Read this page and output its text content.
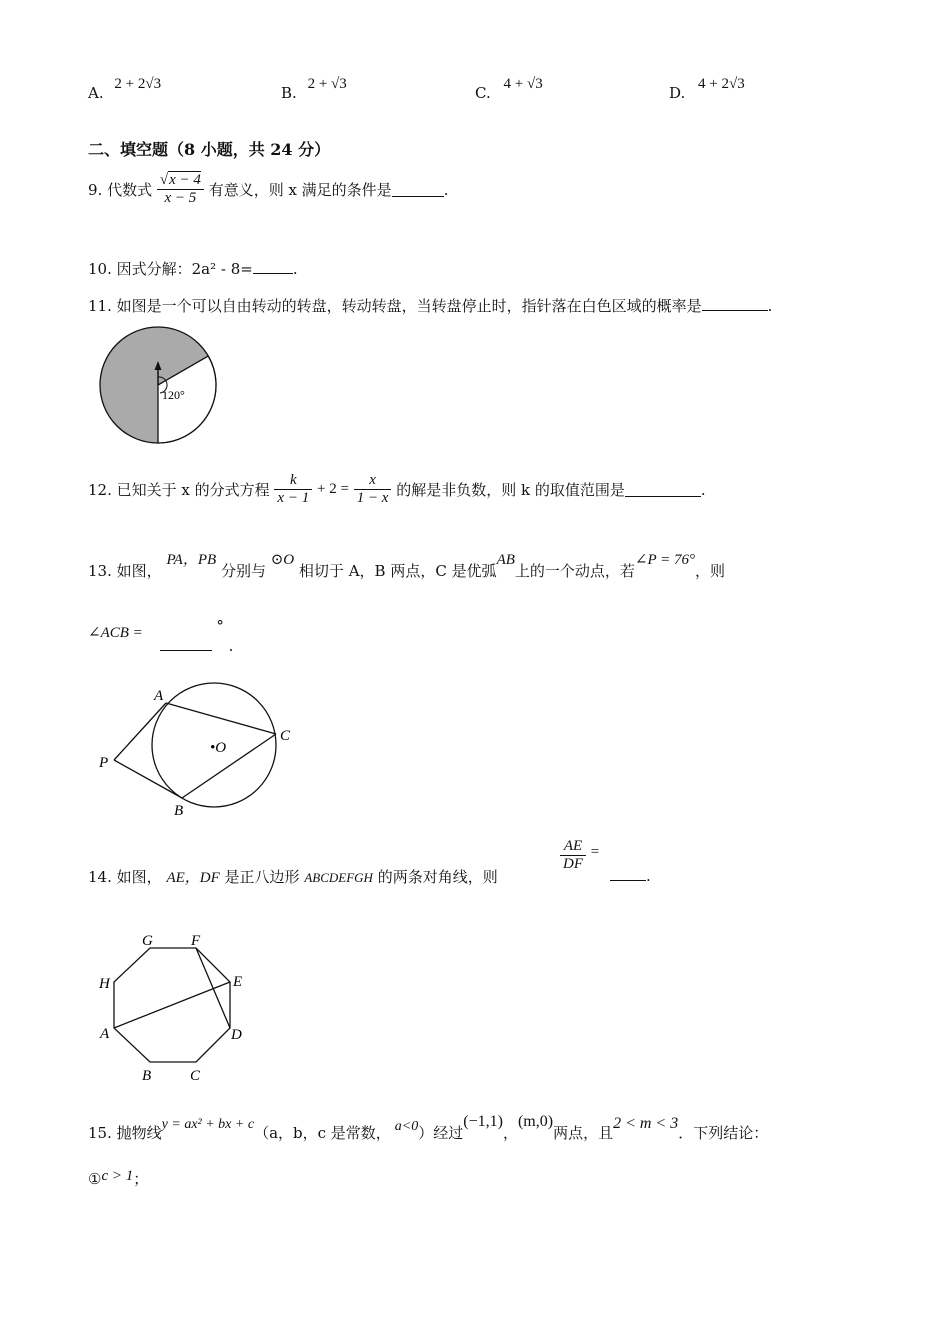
A. 2 + 2√3	B. 2 + √3	C. 4 + √3	D. 4 + 2√3
二、填空题（8 小题，共 24 分）
9. 代数式 $\frac{√x - 4}{x - 5}$ 有意义，则 x 满足的条件是	.
10. 因式分解：2a² - 8=	.
11. 如图是一个可以自由转动的转盘，转动转盘，当转盘停止时，指针落在白色区域的概率是	.
120°
12. 已知关于 x 的分式方程 $\frac{k}{x - 1} + 2 = \frac{x}{1 - x}$ 的解是非负数，则 k 的取值范围是	.
13. 如图， PA，PB 分别与 ⊙O 相切于 A，B 两点，C 是优弧AB上的一个动点，若∠P = 76°，则
∠ACB =	° .
A
B
C
P
•O
14. 如图， AE，DF 是正八边形 ABCDEFGH 的两条对角线，则
$\frac{AE}{DF}$ =
.
G	F
E
D
C
B
A
H
15. 抛物线y = ax² + bx + c（a，b，c 是常数， a<0）经过(−1,1)，(m,0)两点，且2 < m < 3．下列结论：
①c > 1；
